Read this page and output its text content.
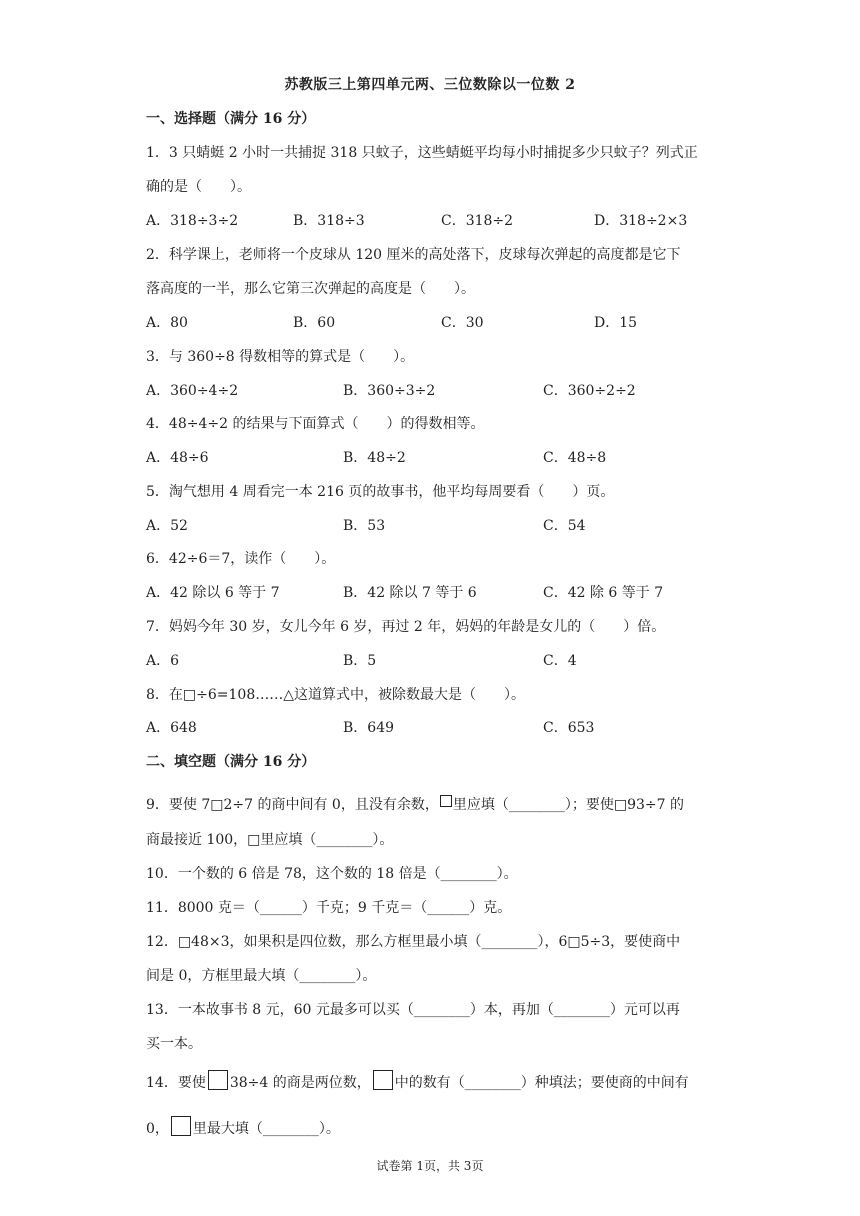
苏教版三上第四单元两、三位数除以一位数 2
一、选择题（满分 16 分）
1．3 只蜻蜓 2 小时一共捕捉 318 只蚊子，这些蜻蜓平均每小时捕捉多少只蚊子？列式正
确的是（　　）。
A．318÷3÷2	B．318÷3	C．318÷2	D．318÷2×3
2．科学课上，老师将一个皮球从 120 厘米的高处落下，皮球每次弹起的高度都是它下
落高度的一半，那么它第三次弹起的高度是（　　）。
A．80	B．60	C．30	D．15
3．与 360÷8 得数相等的算式是（　　）。
A．360÷4÷2	B．360÷3÷2	C．360÷2÷2
4．48÷4÷2 的结果与下面算式（　　）的得数相等。
A．48÷6	B．48÷2	C．48÷8
5．淘气想用 4 周看完一本 216 页的故事书，他平均每周要看（　　）页。
A．52	B．53	C．54
6．42÷6＝7，读作（　　）。
A．42 除以 6 等于 7	B．42 除以 7 等于 6	C．42 除 6 等于 7
7．妈妈今年 30 岁，女儿今年 6 岁，再过 2 年，妈妈的年龄是女儿的（　　）倍。
A．6	B．5	C．4
8．在□÷6=108……△这道算式中，被除数最大是（　　）。
A．648	B．649	C．653
二、填空题（满分 16 分）
9．要使 7□2÷7 的商中间有 0，且没有余数， 里应填（________）；要使□93÷7 的
商最接近 100，□里应填（________）。
10．一个数的 6 倍是 78，这个数的 18 倍是（________）。
11．8000 克＝（______）千克；9 千克＝（______）克。
12．□48×3，如果积是四位数，那么方框里最小填（________），6□5÷3，要使商中
间是 0，方框里最大填（________）。
13．一本故事书 8 元，60 元最多可以买（________）本，再加（________）元可以再
买一本。
14．要使 38÷4 的商是两位数， 中的数有（________）种填法；要使商的中间有
0， 里最大填（________）。
试卷第 1页，共 3页
